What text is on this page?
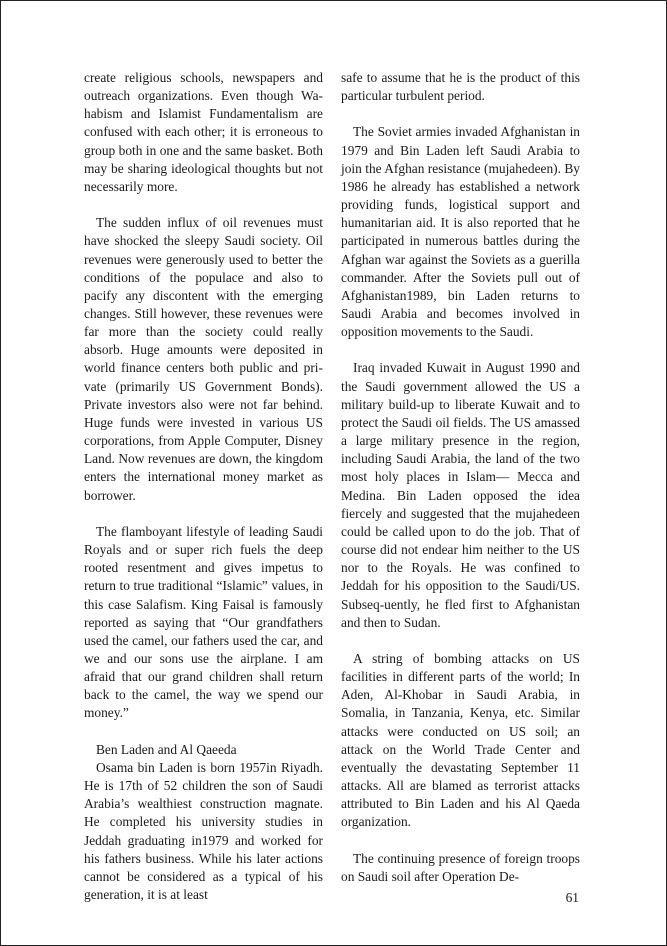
create religious schools, newspapers and outreach organizations. Even though Wahabism and Islamist Fundamentalism are confused with each other; it is erroneous to group both in one and the same basket. Both may be sharing ideological thoughts but not necessarily more.

The sudden influx of oil revenues must have shocked the sleepy Saudi society. Oil revenues were generously used to better the conditions of the populace and also to pacify any discontent with the emerging changes. Still however, these revenues were far more than the society could really absorb. Huge amounts were deposited in world finance centers both public and private (primarily US Government Bonds). Private investors also were not far behind. Huge funds were invested in various US corporations, from Apple Computer, Disney Land. Now revenues are down, the kingdom enters the international money market as borrower.

The flamboyant lifestyle of leading Saudi Royals and or super rich fuels the deep rooted resentment and gives impetus to return to true traditional “Islamic” values, in this case Salafism. King Faisal is famously reported as saying that “Our grandfathers used the camel, our fathers used the car, and we and our sons use the airplane. I am afraid that our grand children shall return back to the camel, the way we spend our money.”

Ben Laden and Al Qaeeda

Osama bin Laden is born 1957in Riyadh. He is 17th of 52 children the son of Saudi Arabia’s wealthiest construction magnate. He completed his university studies in Jeddah graduating in1979 and worked for his fathers business. While his later actions cannot be considered as a typical of his generation, it is at least

safe to assume that he is the product of this particular turbulent period.

The Soviet armies invaded Afghanistan in 1979 and Bin Laden left Saudi Arabia to join the Afghan resistance (mujahedeen). By 1986 he already has established a network providing funds, logistical support and humanitarian aid. It is also reported that he participated in numerous battles during the Afghan war against the Soviets as a guerilla commander. After the Soviets pull out of Afghanistan1989, bin Laden returns to Saudi Arabia and becomes involved in opposition movements to the Saudi.

Iraq invaded Kuwait in August 1990 and the Saudi government allowed the US a military build-up to liberate Kuwait and to protect the Saudi oil fields. The US amassed a large military presence in the region, including Saudi Arabia, the land of the two most holy places in Islam— Mecca and Medina. Bin Laden opposed the idea fiercely and suggested that the mujahedeen could be called upon to do the job. That of course did not endear him neither to the US nor to the Royals. He was confined to Jeddah for his opposition to the Saudi/US. Subseq-uently, he fled first to Afghanistan and then to Sudan.

A string of bombing attacks on US facilities in different parts of the world; In Aden, Al-Khobar in Saudi Arabia, in Somalia, in Tanzania, Kenya, etc. Similar attacks were conducted on US soil; an attack on the World Trade Center and eventually the devastating September 11 attacks. All are blamed as terrorist attacks attributed to Bin Laden and his Al Qaeda organization.

The continuing presence of foreign troops on Saudi soil after Operation De-

61
